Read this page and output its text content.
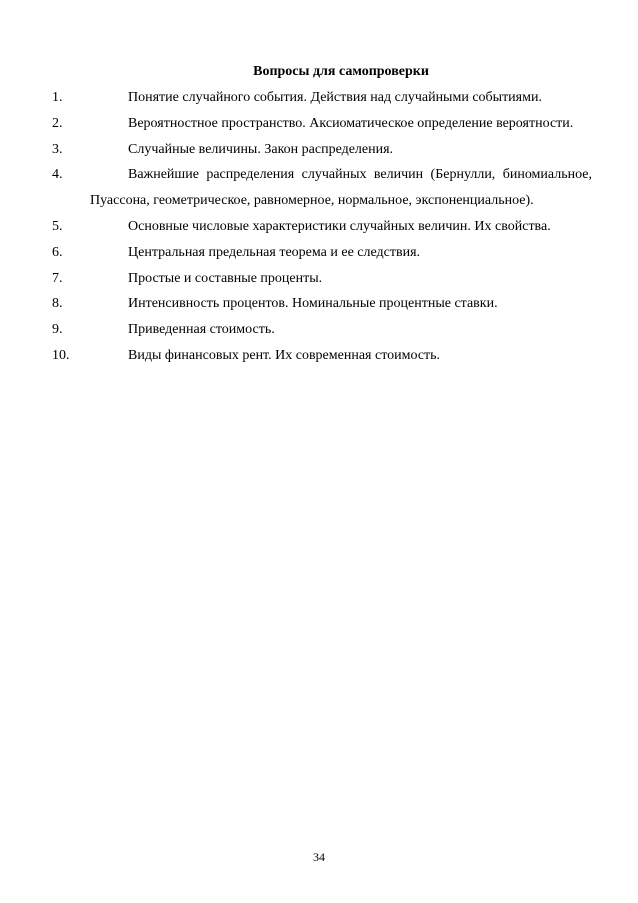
Вопросы для самопроверки
1.	Понятие случайного события. Действия над случайными событиями.
2.	Вероятностное пространство. Аксиоматическое определение вероятности.
3.	Случайные величины. Закон распределения.
4.	Важнейшие распределения случайных величин (Бернулли, биномиальное, Пуассона, геометрическое, равномерное, нормальное, экспоненциальное).
5.	Основные числовые характеристики случайных величин. Их свойства.
6.	Центральная предельная теорема и ее следствия.
7.	Простые и составные проценты.
8.	Интенсивность процентов. Номинальные процентные ставки.
9.	Приведенная стоимость.
10.	Виды финансовых рент. Их современная стоимость.
34
